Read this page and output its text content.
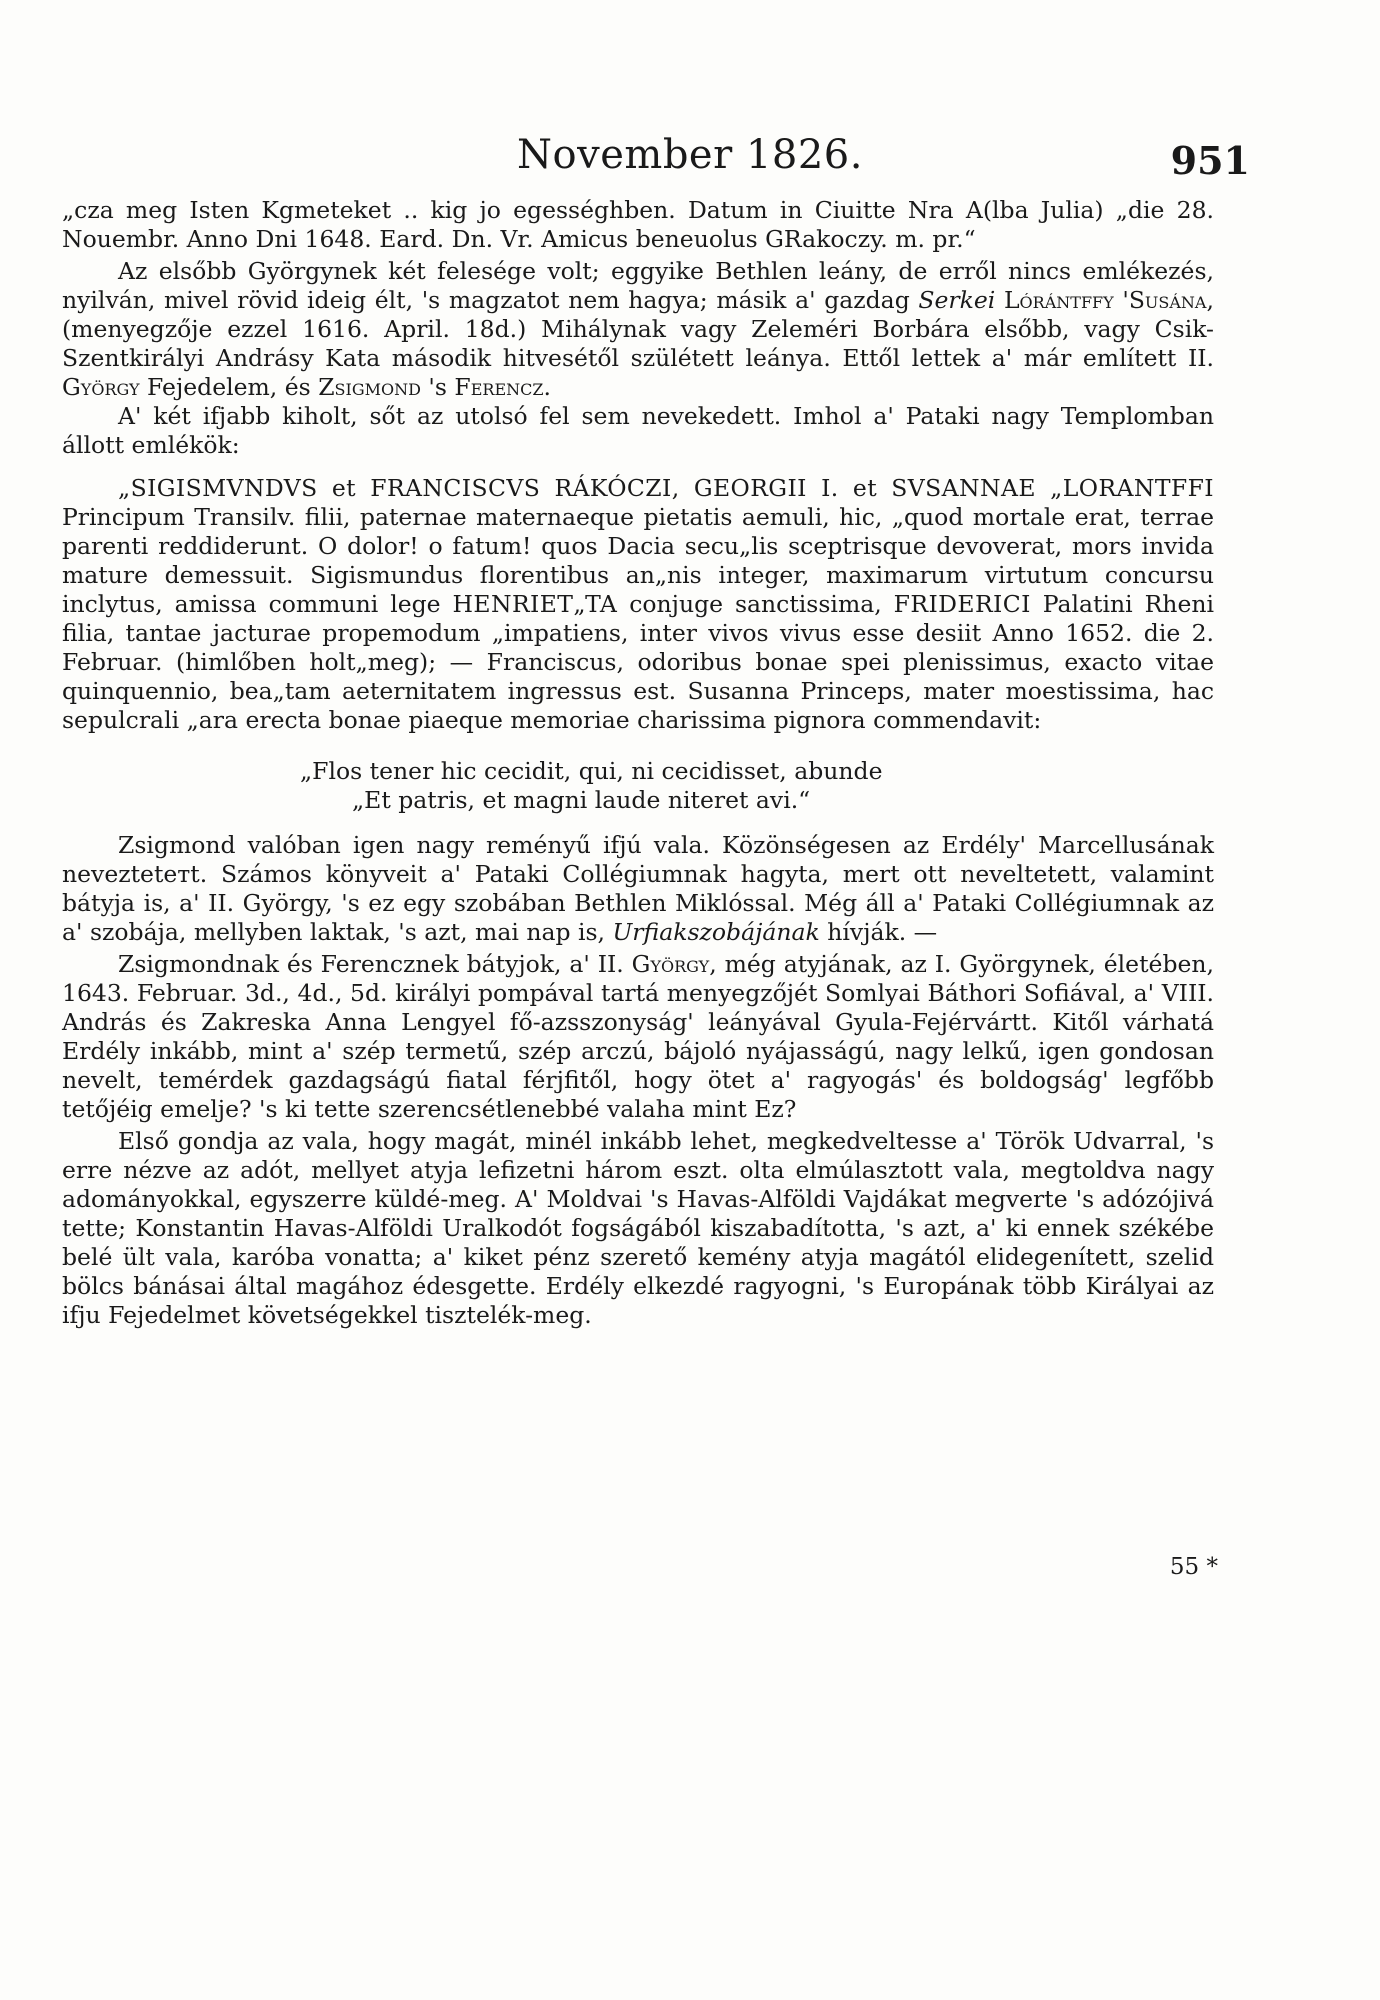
November 1826.	951

„cza meg Isten Kgmeteket .. kig jo egességhben. Datum in Ciuitte Nra A(lba Julia) „die 28. Nouembr. Anno Dni 1648. Eard. Dn. Vr. Amicus beneuolus GRakoczy. m. pr.“

Az elsőbb Györgynek két felesége volt; eggyike Bethlen leány, de erről nincs emlékezés, nyilván, mivel rövid ideig élt, 's magzatot nem hagya; másik a' gazdag Serkei Lórántffy 'Susána, (menyegzője ezzel 1616. April. 18d.) Mihálynak vagy Zeleméri Borbára elsőbb, vagy Csik-Szentkirályi Andrásy Kata második hitvesétől szülétett leánya. Ettől lettek a' már említett II. György Fejedelem, és Zsigmond 's Ferencz.

A' két ifjabb kiholt, sőt az utolsó fel sem nevekedett. Imhol a' Pataki nagy Templomban állott emlékök:

„SIGISMVNDVS et FRANCISCVS RÁKÓCZI, GEORGII I. et SVSANNAE „LORANTFFI Principum Transilv. filii, paternae maternaeque pietatis aemuli, hic, „quod mortale erat, terrae parenti reddiderunt. O dolor! o fatum! quos Dacia secu„lis sceptrisque devoverat, mors invida mature demessuit. Sigismundus florentibus an„nis integer, maximarum virtutum concursu inclytus, amissa communi lege HENRIET„TA conjuge sanctissima, FRIDERICI Palatini Rheni filia, tantae jacturae propemodum „impatiens, inter vivos vivus esse desiit Anno 1652. die 2. Februar. (himlőben holt„meg); — Franciscus, odoribus bonae spei plenissimus, exacto vitae quinquennio, bea„tam aeternitatem ingressus est. Susanna Princeps, mater moestissima, hac sepulcrali „ara erecta bonae piaeque memoriae charissima pignora commendavit:

„Flos tener hic cecidit, qui, ni cecidisset, abunde
„Et patris, et magni laude niteret avi.“

Zsigmond valóban igen nagy reményű ifjú vala. Közönségesen az Erdély' Marcellusának nevezteteтt. Számos könyveit a' Pataki Collégiumnak hagyta, mert ott neveltetett, valamint bátyja is, a' II. György, 's ez egy szobában Bethlen Miklóssal. Még áll a' Pataki Collégiumnak az a' szobája, mellyben laktak, 's azt, mai nap is, Urfiakszobájának hívják. —

Zsigmondnak és Ferencznek bátyjok, a' II. György, még atyjának, az I. Györgynek, életében, 1643. Februar. 3d., 4d., 5d. királyi pompával tartá menyegzőjét Somlyai Báthori Sofiával, a' VIII. András és Zakreska Anna Lengyel fő-azsszonyság' leányával Gyula-Fejérvártt. Kitől várhatá Erdély inkább, mint a' szép termetű, szép arczú, bájoló nyájasságú, nagy lelkű, igen gondosan nevelt, temérdek gazdagságú fiatal férjfitől, hogy ötet a' ragyogás' és boldogság' legfőbb tetőjéig emelje? 's ki tette szerencsétlenebbé valaha mint Ez?

Első gondja az vala, hogy magát, minél inkább lehet, megkedveltesse a' Török Udvarral, 's erre nézve az adót, mellyet atyja lefizetni három eszt. olta elmúlasztott vala, megtoldva nagy adományokkal, egyszerre küldé-meg. A' Moldvai 's Havas-Alföldi Vajdákat megverte 's adózójivá tette; Konstantin Havas-Alföldi Uralkodót fogságából kiszabadította, 's azt, a' ki ennek székébe belé ült vala, karóba vonatta; a' kiket pénz szerető kemény atyja magától elidegenített, szelid bölcs bánásai által magához édesgette. Erdély elkezdé ragyogni, 's Europának több Királyai az ifju Fejedelmet követségekkel tisztelék-meg.

55 *
